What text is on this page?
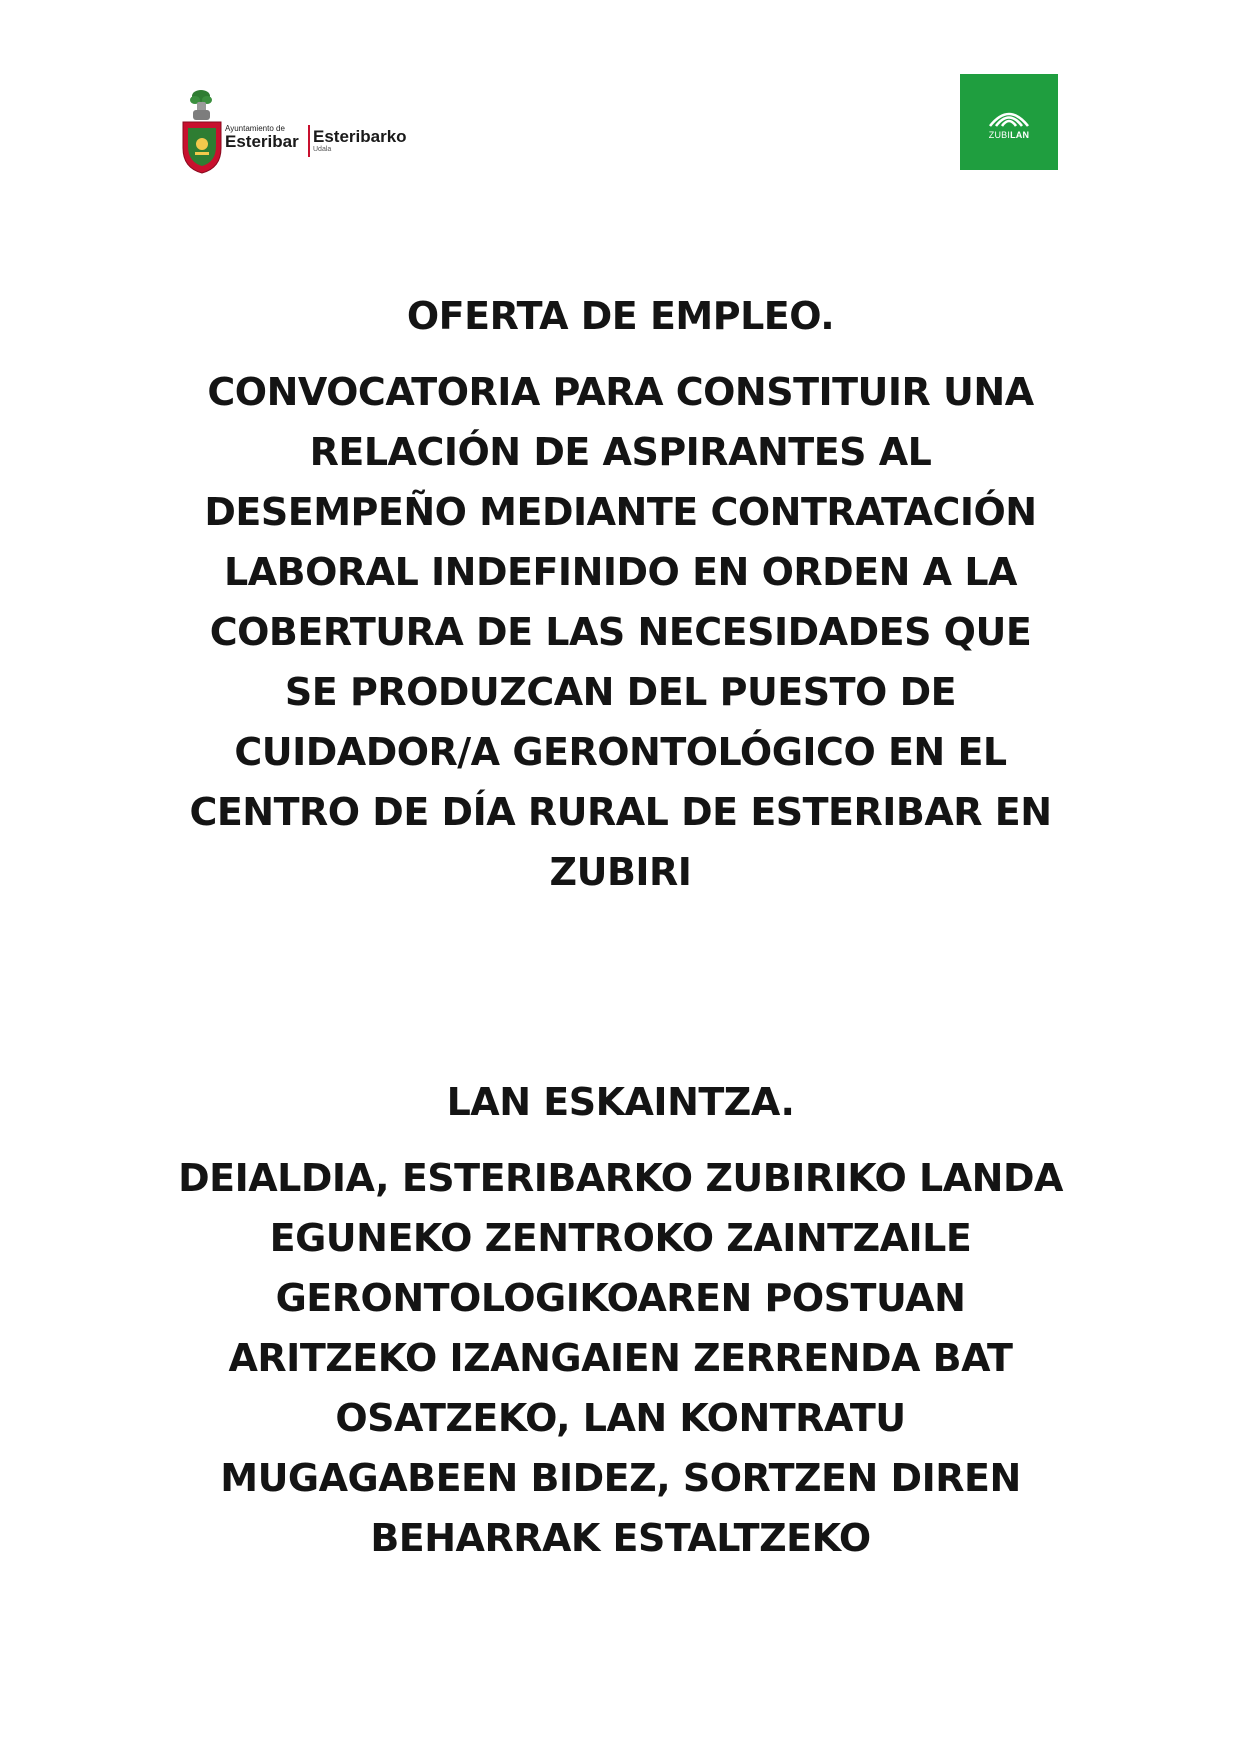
Ayuntamiento de
Esteribar Esteribarko
Udala
ZUBILAN

OFERTA DE EMPLEO.

CONVOCATORIA PARA CONSTITUIR UNA

RELACIÓN DE ASPIRANTES AL

DESEMPEÑO MEDIANTE CONTRATACIÓN

LABORAL INDEFINIDO EN ORDEN A LA

COBERTURA DE LAS NECESIDADES QUE

SE PRODUZCAN DEL PUESTO DE

CUIDADOR/A GERONTOLÓGICO EN EL

CENTRO DE DÍA RURAL DE ESTERIBAR EN

ZUBIRI

LAN ESKAINTZA.

DEIALDIA, ESTERIBARKO ZUBIRIKO LANDA

EGUNEKO ZENTROKO ZAINTZAILE

GERONTOLOGIKOAREN POSTUAN

ARITZEKO IZANGAIEN ZERRENDA BAT

OSATZEKO, LAN KONTRATU

MUGAGABEEN BIDEZ, SORTZEN DIREN

BEHARRAK ESTALTZEKO
